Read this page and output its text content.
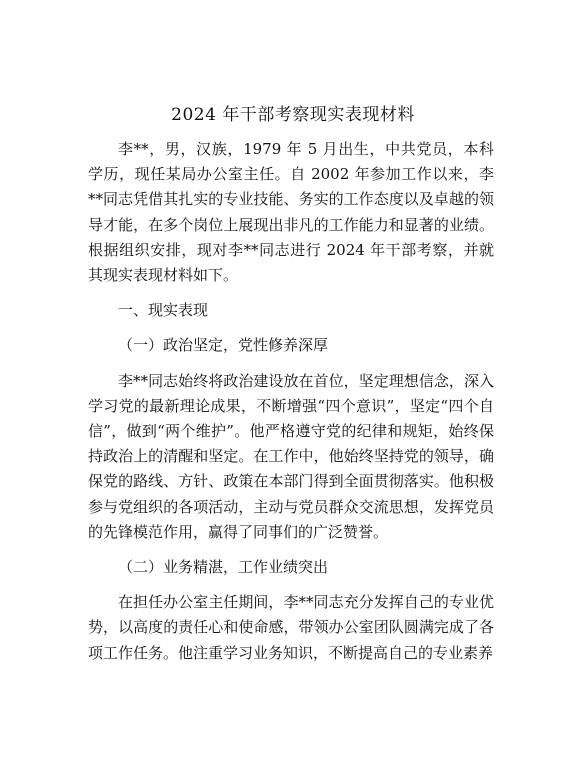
2024 年干部考察现实表现材料

李**，男，汉族，1979 年 5 月出生，中共党员，本科学历，现任某局办公室主任。自 2002 年参加工作以来，李**同志凭借其扎实的专业技能、务实的工作态度以及卓越的领导才能，在多个岗位上展现出非凡的工作能力和显著的业绩。根据组织安排，现对李**同志进行 2024 年干部考察，并就其现实表现材料如下。

一、现实表现

（一）政治坚定，党性修养深厚

李**同志始终将政治建设放在首位，坚定理想信念，深入学习党的最新理论成果，不断增强“四个意识”，坚定“四个自信”，做到“两个维护”。他严格遵守党的纪律和规矩，始终保持政治上的清醒和坚定。在工作中，他始终坚持党的领导，确保党的路线、方针、政策在本部门得到全面贯彻落实。他积极参与党组织的各项活动，主动与党员群众交流思想，发挥党员的先锋模范作用，赢得了同事们的广泛赞誉。

（二）业务精湛，工作业绩突出

在担任办公室主任期间，李**同志充分发挥自己的专业优势，以高度的责任心和使命感，带领办公室团队圆满完成了各项工作任务。他注重学习业务知识，不断提高自己的专业素养
